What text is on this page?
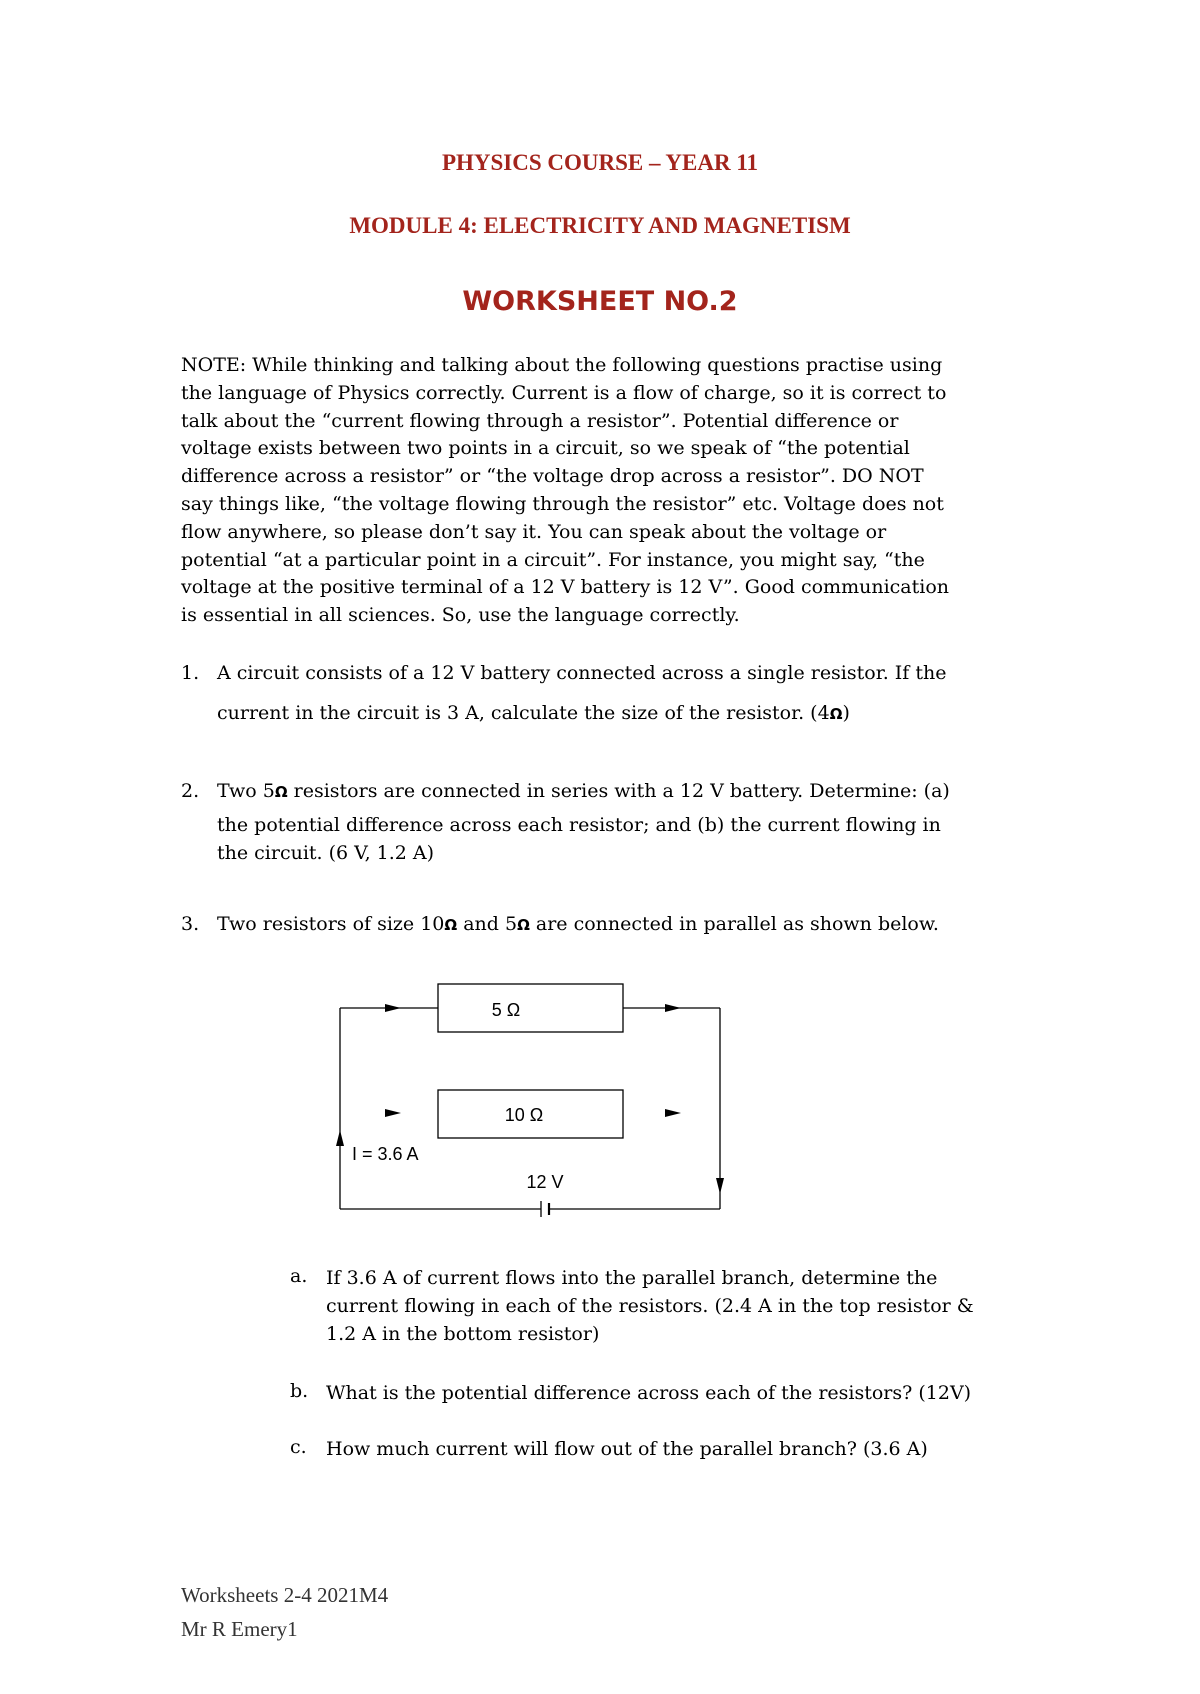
PHYSICS COURSE – YEAR 11
MODULE 4: ELECTRICITY AND MAGNETISM
WORKSHEET NO.2

NOTE: While thinking and talking about the following questions practise using

the language of Physics correctly. Current is a flow of charge, so it is correct to

talk about the “current flowing through a resistor”. Potential difference or

voltage exists between two points in a circuit, so we speak of “the potential

difference across a resistor” or “the voltage drop across a resistor”. DO NOT

say things like, “the voltage flowing through the resistor” etc. Voltage does not

flow anywhere, so please don’t say it. You can speak about the voltage or

potential “at a particular point in a circuit”. For instance, you might say, “the

voltage at the positive terminal of a 12 V battery is 12 V”. Good communication

is essential in all sciences. So, use the language correctly.

1. A circuit consists of a 12 V battery connected across a single resistor. If the
current in the circuit is 3 A, calculate the size of the resistor. (4Ω)
2. Two 5Ω resistors are connected in series with a 12 V battery. Determine: (a)
the potential difference across each resistor; and (b) the current flowing in
the circuit. (6 V, 1.2 A)
3. Two resistors of size 10Ω and 5Ω are connected in parallel as shown below.
5 Ω
10 Ω
I = 3.6 A
12 V
a. If 3.6 A of current flows into the parallel branch, determine the
current flowing in each of the resistors. (2.4 A in the top resistor &
1.2 A in the bottom resistor)
b. What is the potential difference across each of the resistors? (12V)
c. How much current will flow out of the parallel branch? (3.6 A)
Worksheets 2-4 2021M4
Mr R Emery1
